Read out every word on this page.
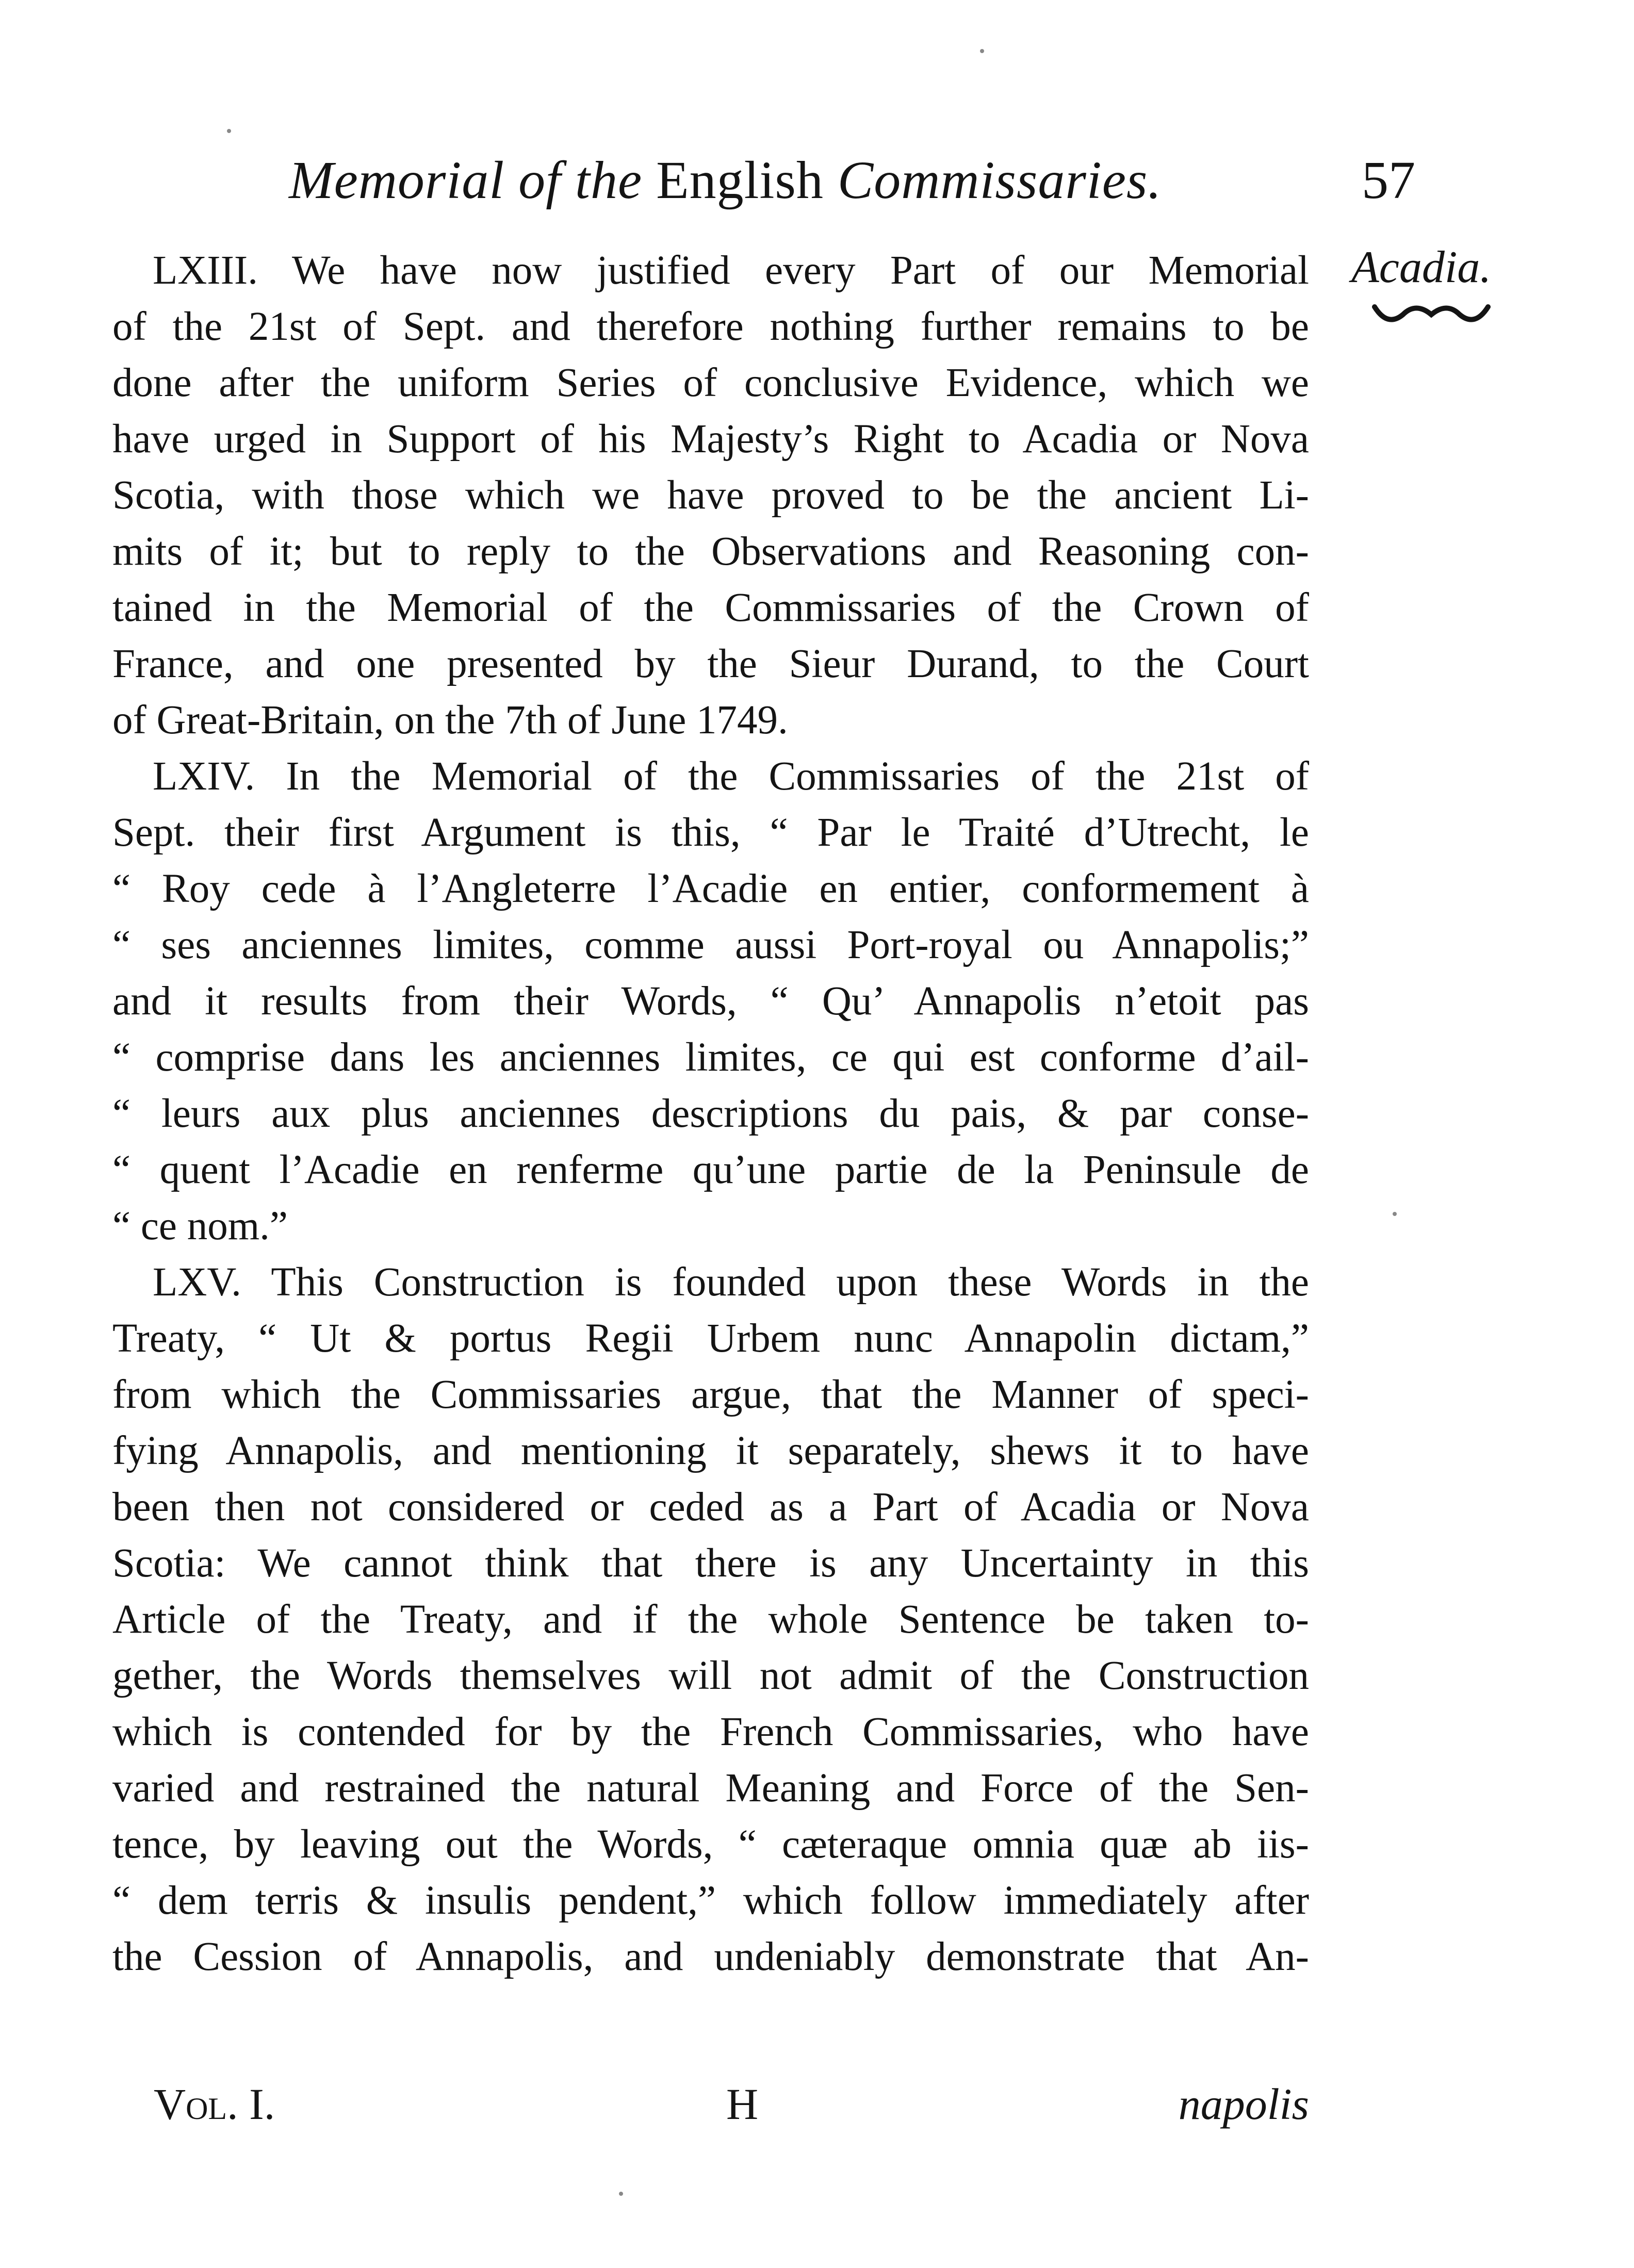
Memorial of the English Commissaries.	57
Acadia.
LXIII. We have now justified every Part of our Memorial
of the 21st of Sept. and therefore nothing further remains to be
done after the uniform Series of conclusive Evidence, which we
have urged in Support of his Majesty’s Right to Acadia or Nova
Scotia, with those which we have proved to be the ancient Li-
mits of it; but to reply to the Observations and Reasoning con-
tained in the Memorial of the Commissaries of the Crown of
France, and one presented by the Sieur Durand, to the Court
of Great-Britain, on the 7th of June 1749.
LXIV. In the Memorial of the Commissaries of the 21st of
Sept. their first Argument is this, “ Par le Traité d’Utrecht, le
“ Roy cede à l’Angleterre l’Acadie en entier, conformement à
“ ses anciennes limites, comme aussi Port-royal ou Annapolis;”
and it results from their Words, “ Qu’ Annapolis n’etoit pas
“ comprise dans les anciennes limites, ce qui est conforme d’ail-
“ leurs aux plus anciennes descriptions du pais, & par conse-
“ quent l’Acadie en renferme qu’une partie de la Peninsule de
“ ce nom.”
LXV. This Construction is founded upon these Words in the
Treaty, “ Ut & portus Regii Urbem nunc Annapolin dictam,”
from which the Commissaries argue, that the Manner of speci-
fying Annapolis, and mentioning it separately, shews it to have
been then not considered or ceded as a Part of Acadia or Nova
Scotia: We cannot think that there is any Uncertainty in this
Article of the Treaty, and if the whole Sentence be taken to-
gether, the Words themselves will not admit of the Construction
which is contended for by the French Commissaries, who have
varied and restrained the natural Meaning and Force of the Sen-
tence, by leaving out the Words, “ cæteraque omnia quæ ab iis-
“ dem terris & insulis pendent,” which follow immediately after
the Cession of Annapolis, and undeniably demonstrate that An-
Vol. I.	H	napolis
